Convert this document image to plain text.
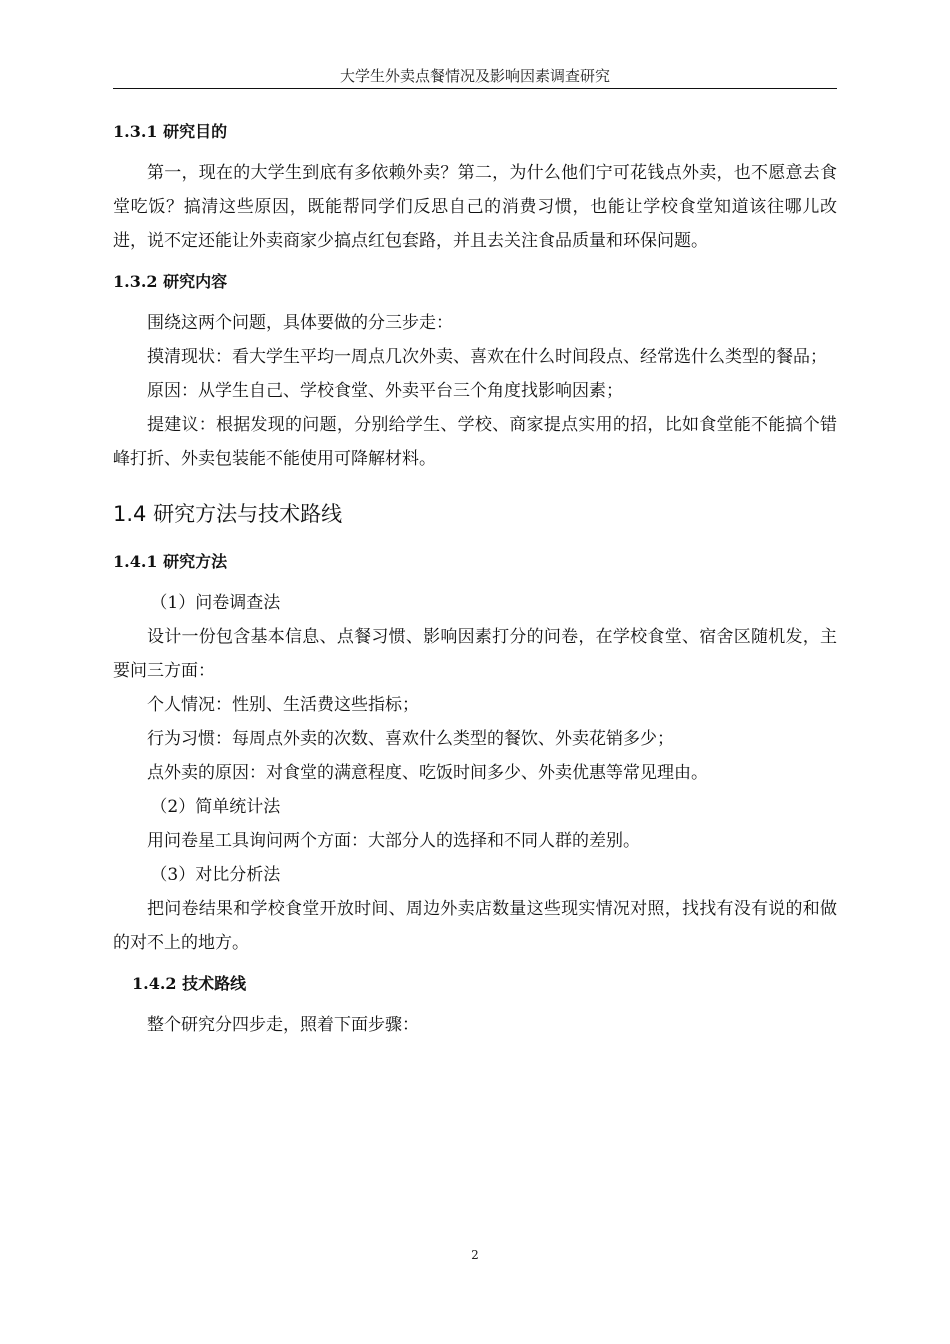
大学生外卖点餐情况及影响因素调查研究

1.3.1 研究目的

第一，现在的大学生到底有多依赖外卖？第二，为什么他们宁可花钱点外卖，也不愿意去食堂吃饭？搞清这些原因，既能帮同学们反思自己的消费习惯，也能让学校食堂知道该往哪儿改进，说不定还能让外卖商家少搞点红包套路，并且去关注食品质量和环保问题。

1.3.2 研究内容

围绕这两个问题，具体要做的分三步走：

摸清现状：看大学生平均一周点几次外卖、喜欢在什么时间段点、经常选什么类型的餐品；

原因：从学生自己、学校食堂、外卖平台三个角度找影响因素；

提建议：根据发现的问题，分别给学生、学校、商家提点实用的招，比如食堂能不能搞个错峰打折、外卖包装能不能使用可降解材料。

1.4 研究方法与技术路线

1.4.1 研究方法

（1）问卷调查法

设计一份包含基本信息、点餐习惯、影响因素打分的问卷，在学校食堂、宿舍区随机发，主要问三方面：

个人情况：性别、生活费这些指标；

行为习惯：每周点外卖的次数、喜欢什么类型的餐饮、外卖花销多少；

点外卖的原因：对食堂的满意程度、吃饭时间多少、外卖优惠等常见理由。

（2）简单统计法

用问卷星工具询问两个方面：大部分人的选择和不同人群的差别。

（3）对比分析法

把问卷结果和学校食堂开放时间、周边外卖店数量这些现实情况对照，找找有没有说的和做的对不上的地方。

1.4.2 技术路线

整个研究分四步走，照着下面步骤：

2
